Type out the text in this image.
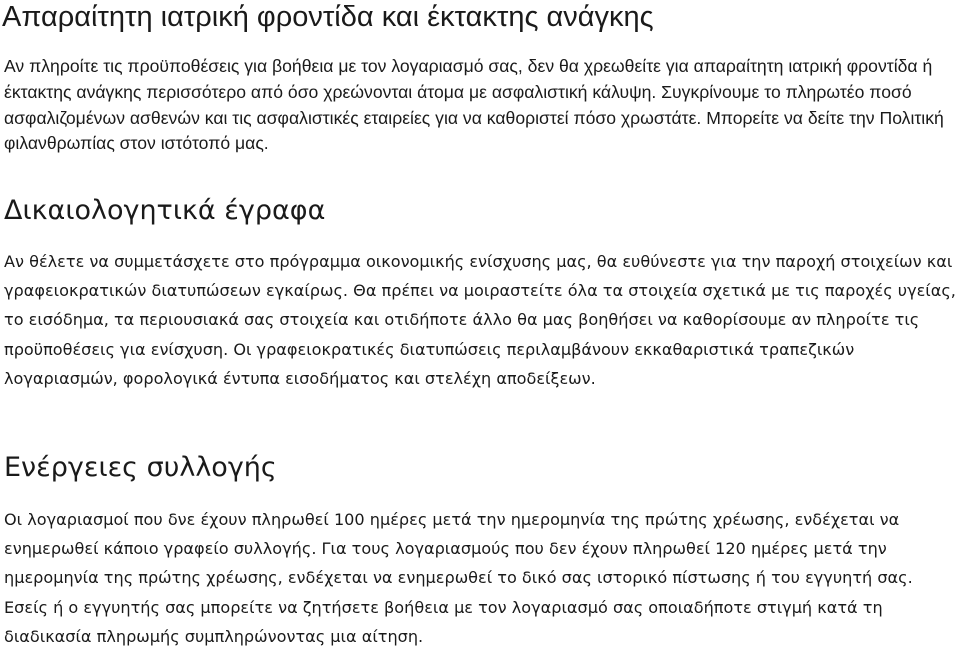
Απαραίτητη ιατρική φροντίδα και έκτακτης ανάγκης

Αν πληροίτε τις προϋποθέσεις για βοήθεια με τον λογαριασμό σας, δεν θα χρεωθείτε για απαραίτητη ιατρική φροντίδα ή έκτακτης ανάγκης περισσότερο από όσο χρεώνονται άτομα με ασφαλιστική κάλυψη. Συγκρίνουμε το πληρωτέο ποσό ασφαλιζομένων ασθενών και τις ασφαλιστικές εταιρείες για να καθοριστεί πόσο χρωστάτε. Μπορείτε να δείτε την Πολιτική φιλανθρωπίας στον ιστότοπό μας.

Δικαιολογητικά έγραφα

Αν θέλετε να συμμετάσχετε στο πρόγραμμα οικονομικής ενίσχυσης μας, θα ευθύνεστε για την παροχή στοιχείων και γραφειοκρατικών διατυπώσεων εγκαίρως. Θα πρέπει να μοιραστείτε όλα τα στοιχεία σχετικά με τις παροχές υγείας, το εισόδημα, τα περιουσιακά σας στοιχεία και οτιδήποτε άλλο θα μας βοηθήσει να καθορίσουμε αν πληροίτε τις προϋποθέσεις για ενίσχυση. Οι γραφειοκρατικές διατυπώσεις περιλαμβάνουν εκκαθαριστικά τραπεζικών λογαριασμών, φορολογικά έντυπα εισοδήματος και στελέχη αποδείξεων.

Ενέργειες συλλογής

Οι λογαριασμοί που δνε έχουν πληρωθεί 100 ημέρες μετά την ημερομηνία της πρώτης χρέωσης, ενδέχεται να ενημερωθεί κάποιο γραφείο συλλογής. Για τους λογαριασμούς που δεν έχουν πληρωθεί 120 ημέρες μετά την ημερομηνία της πρώτης χρέωσης, ενδέχεται να ενημερωθεί το δικό σας ιστορικό πίστωσης ή του εγγυητή σας. Εσείς ή ο εγγυητής σας μπορείτε να ζητήσετε βοήθεια με τον λογαριασμό σας οποιαδήποτε στιγμή κατά τη διαδικασία πληρωμής συμπληρώνοντας μια αίτηση.
